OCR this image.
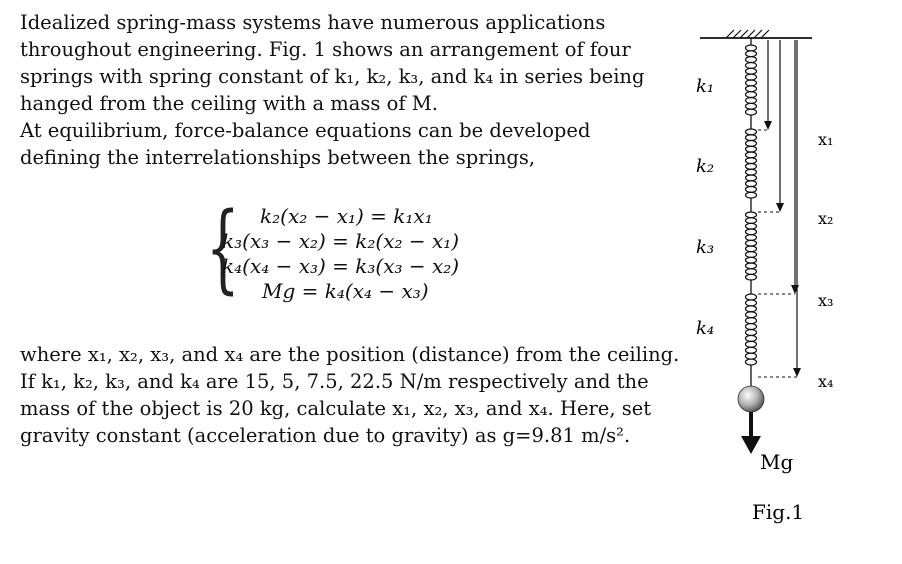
Idealized spring-mass systems have numerous applications
throughout engineering. Fig. 1 shows an arrangement of four
springs with spring constant of k₁, k₂, k₃, and k₄ in series being
hanged from the ceiling with a mass of M.
At equilibrium, force-balance equations can be developed
defining the interrelationships between the springs,
{ k₂(x₂ − x₁) = k₁x₁
k₃(x₃ − x₂) = k₂(x₂ − x₁)
k₄(x₄ − x₃) = k₃(x₃ − x₂)
Mg = k₄(x₄ − x₃)
where x₁, x₂, x₃, and x₄ are the position (distance) from the ceiling.
If k₁, k₂, k₃, and k₄ are 15, 5, 7.5, 22.5 N/m respectively and the
mass of the object is 20 kg, calculate x₁, x₂, x₃, and x₄. Here, set
gravity constant (acceleration due to gravity) as g=9.81 m/s².
k₁
k₂
k₃
k₄
x₁
x₂
x₃
x₄
Mg
Fig.1
